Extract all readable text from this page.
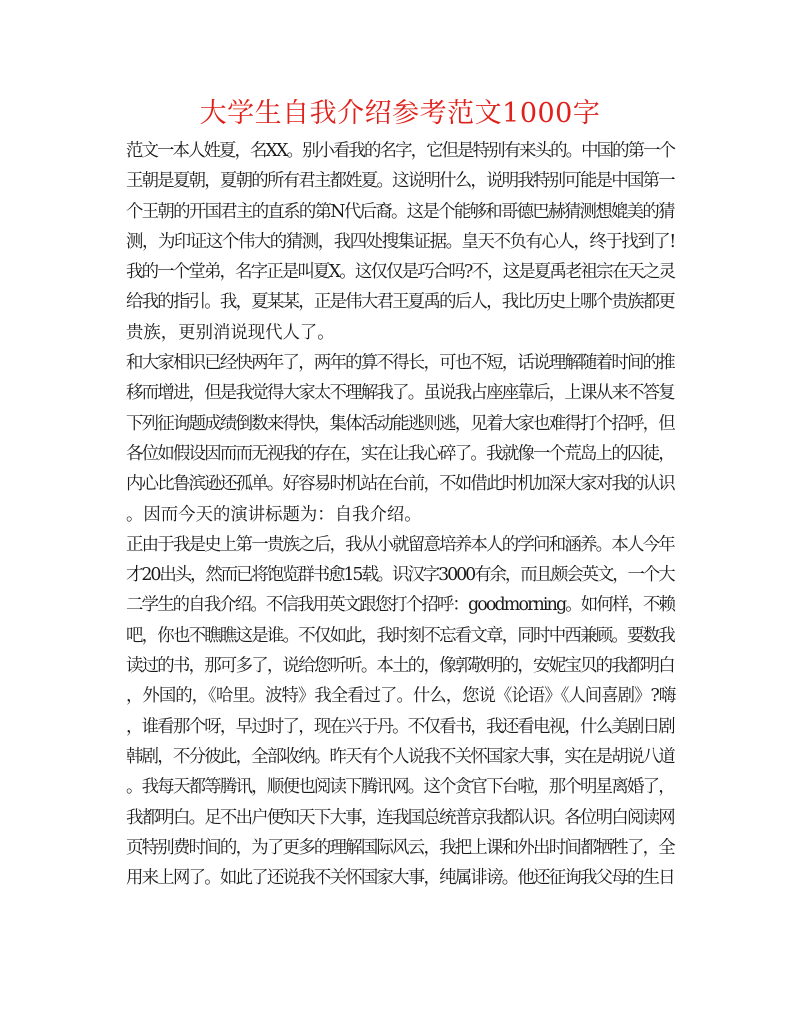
大学生自我介绍参考范文1000字
范文一本人姓夏，名XX。别小看我的名字，它但是特别有来头的。中国的第一个
王朝是夏朝，夏朝的所有君主都姓夏。这说明什么，说明我特别可能是中国第一
个王朝的开国君主的直系的第N代后裔。这是个能够和哥德巴赫猜测想媲美的猜
测，为印证这个伟大的猜测，我四处搜集证据。皇天不负有心人，终于找到了!
我的一个堂弟，名字正是叫夏X。这仅仅是巧合吗?不，这是夏禹老祖宗在天之灵
给我的指引。我，夏某某，正是伟大君王夏禹的后人，我比历史上哪个贵族都更
贵族，更别消说现代人了。
和大家相识已经快两年了，两年的算不得长，可也不短，话说理解随着时间的推
移而增进，但是我觉得大家太不理解我了。虽说我占座座靠后，上课从来不答复
下列征询题成绩倒数来得快，集体活动能逃则逃，见着大家也难得打个招呼，但
各位如假设因而而无视我的存在，实在让我心碎了。我就像一个荒岛上的囚徒，
内心比鲁滨逊还孤单。好容易时机站在台前，不如借此时机加深大家对我的认识
。因而今天的演讲标题为：自我介绍。
正由于我是史上第一贵族之后，我从小就留意培养本人的学问和涵养。本人今年
才20出头，然而已将饱览群书愈15载。识汉字3000有余，而且颇会英文，一个大
二学生的自我介绍。不信我用英文跟您打个招呼：goodmorning。如何样，不赖
吧，你也不瞧瞧这是谁。不仅如此，我时刻不忘看文章，同时中西兼顾。要数我
读过的书，那可多了，说给您听听。本土的，像郭敬明的，安妮宝贝的我都明白
，外国的，《哈里。波特》我全看过了。什么，您说《论语》《人间喜剧》?嗨
，谁看那个呀，早过时了，现在兴于丹。不仅看书，我还看电视，什么美剧日剧
韩剧，不分彼此，全部收纳。昨天有个人说我不关怀国家大事，实在是胡说八道
。我每天都等腾讯，顺便也阅读下腾讯网。这个贪官下台啦，那个明星离婚了，
我都明白。足不出户便知天下大事，连我国总统普京我都认识。各位明白阅读网
页特别费时间的，为了更多的理解国际风云，我把上课和外出时间都牺牲了，全
用来上网了。如此了还说我不关怀国家大事，纯属诽谤。他还征询我父母的生日
